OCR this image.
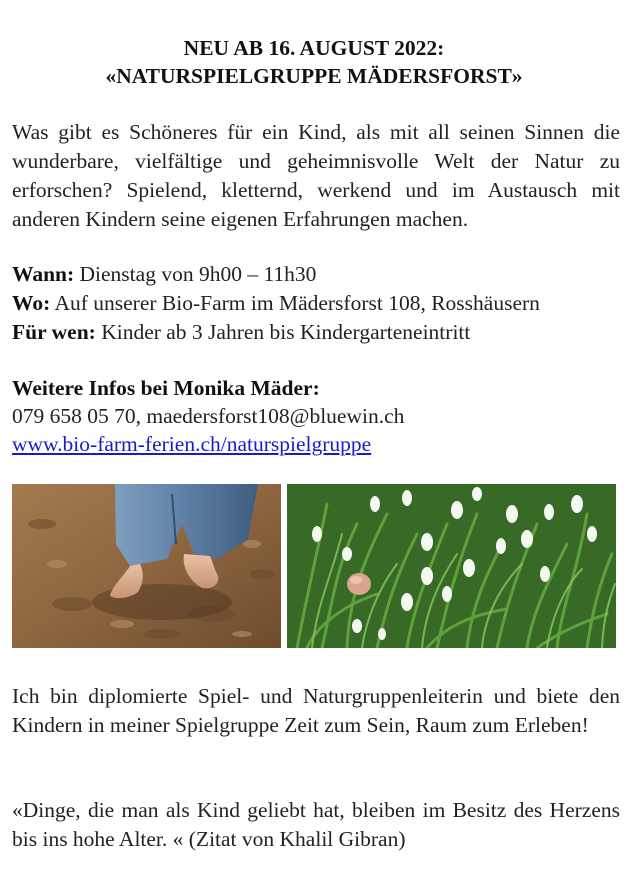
NEU AB 16. AUGUST 2022:
«NATURSPIELGRUPPE MÄDERSFORST»
Was gibt es Schöneres für ein Kind, als mit all seinen Sinnen die wunderbare, vielfältige und geheimnisvolle Welt der Natur zu erforschen? Spielend, kletternd, werkend und im Austausch mit anderen Kindern seine eigenen Erfahrungen machen.
Wann: Dienstag von 9h00 – 11h30
Wo: Auf unserer Bio-Farm im Mädersforst 108, Rosshäusern
Für wen: Kinder ab 3 Jahren bis Kindergarteneintritt
Weitere Infos bei Monika Mäder:
079 658 05 70, maedersforst108@bluewin.ch
www.bio-farm-ferien.ch/naturspielgruppe
Ich bin diplomierte Spiel- und Naturgruppenleiterin und biete den Kindern in meiner Spielgruppe Zeit zum Sein, Raum zum Erleben!
«Dinge, die man als Kind geliebt hat, bleiben im Besitz des Herzens bis ins hohe Alter. « (Zitat von Khalil Gibran)
